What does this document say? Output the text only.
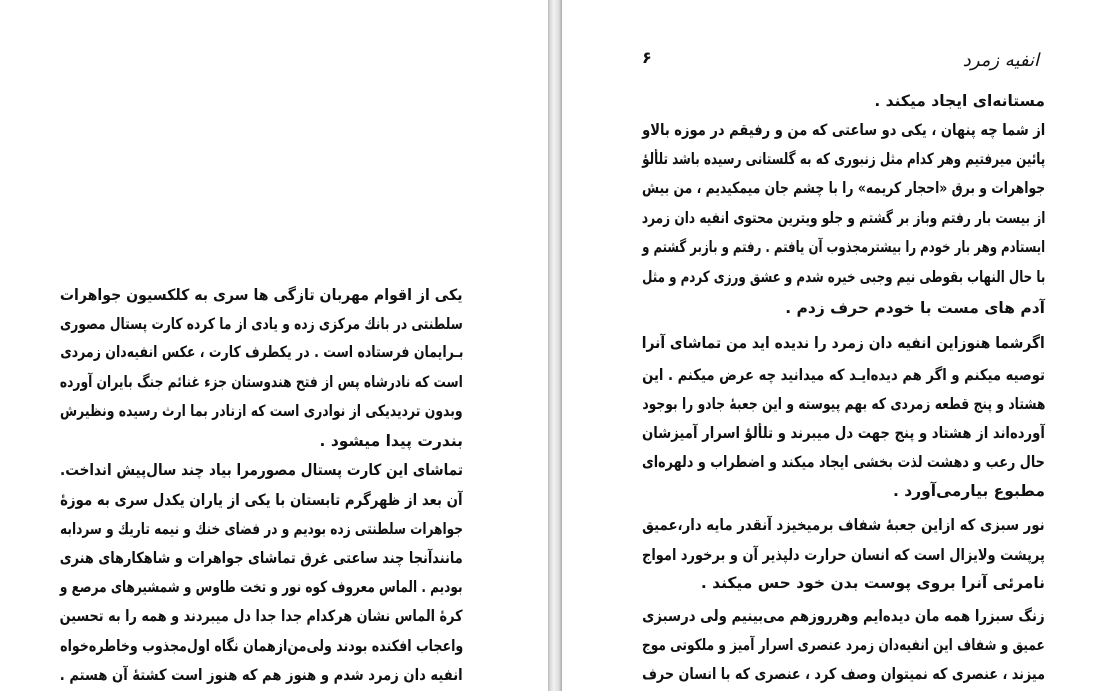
یکی از اقوام مهربان تازگی ها سری به کلکسیون جواهرات
سلطنتی در بانك مرکزی زده و یادی از ما کرده کارت پستال مصوری
بـرایمان فرستاده است . در یکطرف کارت ، عکس انفیه‌دان زمردی
است که نادرشاه پس از فتح هندوستان جزء غنائم جنگ بایران آورده
وبدون تردیدیکی از نوادری است که ازنادر بما ارث رسیده ونظیرش
بندرت پیدا میشود .
تماشای این کارت پستال مصورمرا بیاد چند سال‌پیش انداخت.
آن بعد از ظهرگرم تابستان با یکی از یاران یکدل سری به موزهٔ
جواهرات سلطنتی زده بودیم و در فضای خنك و نیمه تاریك و سردابه
مانندآنجا چند ساعتی غرق تماشای جواهرات و شاهکارهای هنری
بودیم . الماس معروف کوه نور و تخت طاوس و شمشیرهای مرصع و
کرهٔ الماس نشان هرکدام جدا جدا دل میبردند و همه را به تحسین
واعجاب افکنده بودند ولی‌من‌ازهمان نگاه اول‌مجذوب وخاطره‌خواه
انفیه دان زمرد شدم و هنوز هم که هنوز است کشتهٔ آن هستم .
انفیه زمرد
۶
مستانه‌ای ایجاد میکند .
از شما چه پنهان ، یکی دو ساعتی که من و رفیقم در موزه بالاو
پائین میرفتیم وهر کدام مثل زنبوری که به گلستانی رسیده باشد تلألؤ
جواهرات و برق «احجار کریمه» را با چشم جان میمکیدیم ، من بیش
از بیست بار رفتم وباز بر گشتم و جلو ویترین محتوی انفیه دان زمرد
ایستادم وهر بار خودم را بیشترمجذوب آن یافتم . رفتم و بازبر گشتم و
با حال النهاب بقوطی نیم وجبی خیره شدم و عشق ورزی کردم و مثل
آدم های مست با خودم حرف زدم .
اگرشما هنوزاین انفیه دان زمرد را ندیده اید من تماشای آنرا
توصیه میکنم و اگر هم دیده‌ایـد که میدانید چه عرض میکنم . این
هشتاد و پنج قطعه زمردی که بهم پیوسته و این جعبهٔ جادو را بوجود
آورده‌اند از هشتاد و پنج جهت دل میبرند و تلألؤ اسرار آمیزشان
حال رعب و دهشت لذت بخشی ایجاد میکند و اضطراب و دلهره‌ای
مطبوع بیارمی‌آورد .
نور سبزی که ازاین جعبهٔ شفاف برمیخیزد آنقدر مایه دار،عمیق
پرپشت ولایزال است که انسان حرارت دلپذیر آن و برخورد امواج
نامرئی آنرا بروی پوست بدن خود حس میکند .
زنگ سبزرا همه مان دیده‌ایم وهرروزهم می‌بینیم ولی درسبزی
عمیق و شفاف این انفیه‌دان زمرد عنصری اسرار آمیز و ملکوتی موج
میزند ، عنصری که نمیتوان وصف کرد ، عنصری که با انسان حرف
